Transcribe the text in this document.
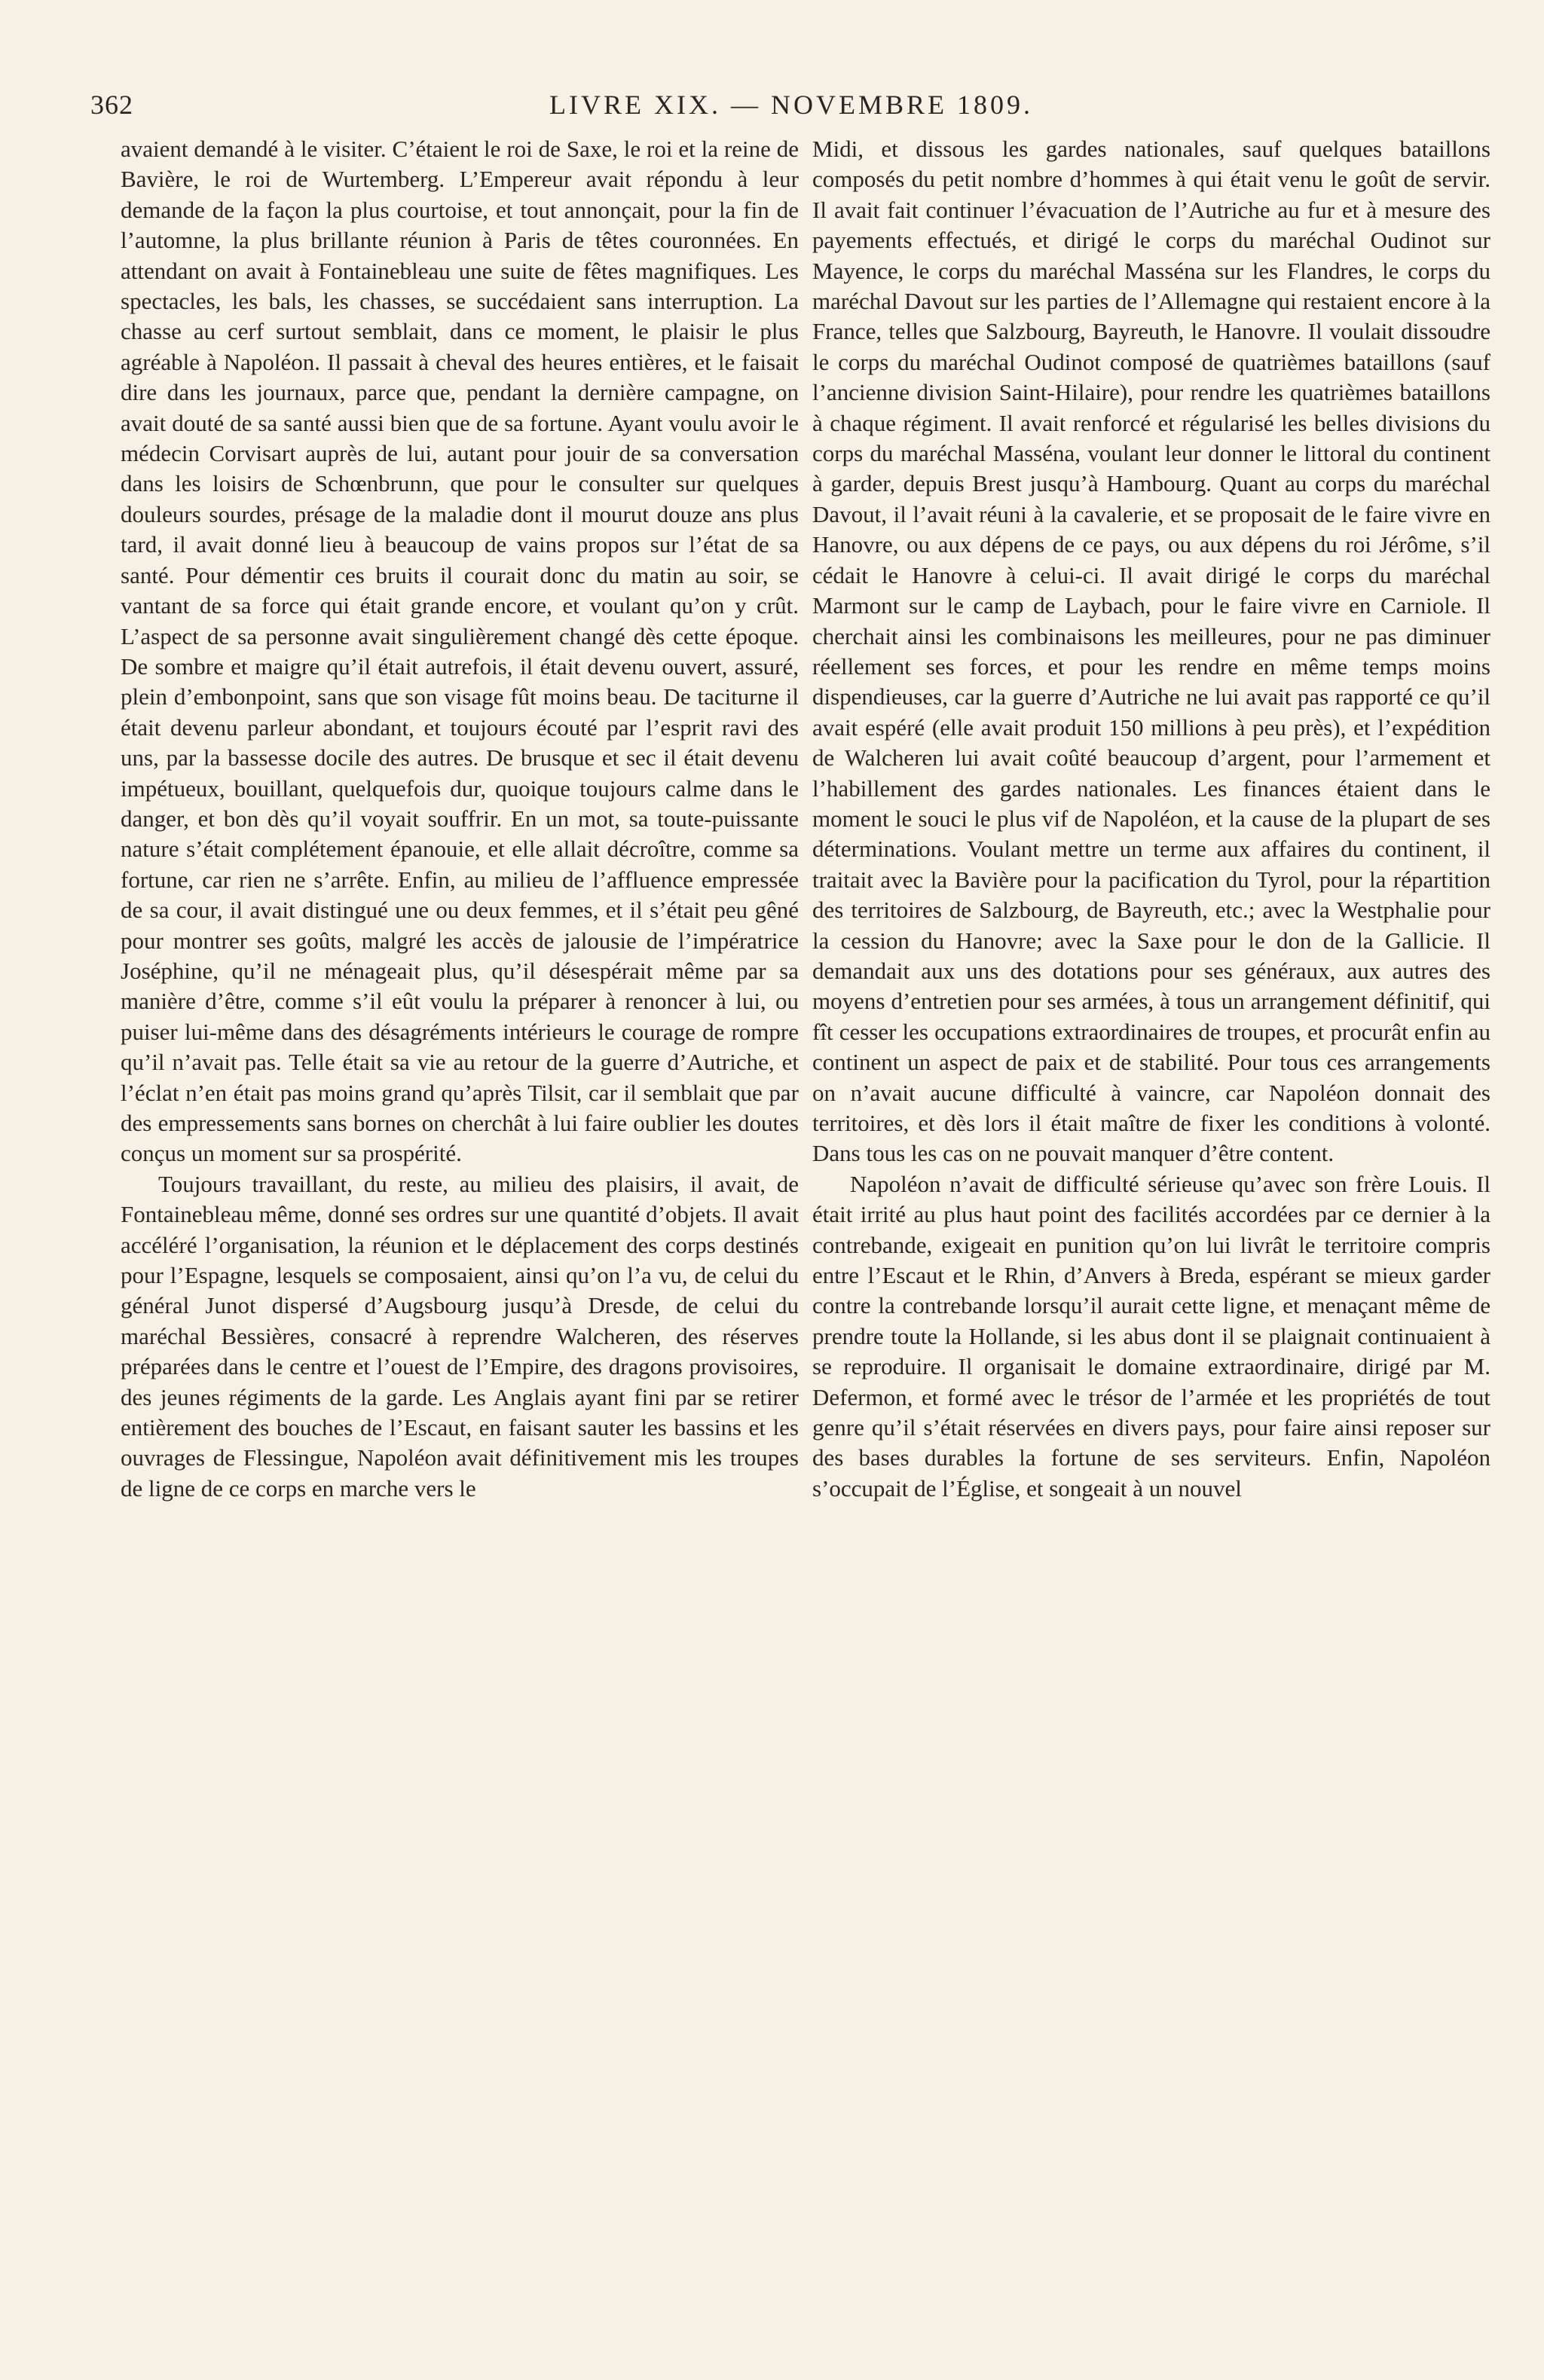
362	LIVRE XIX. — NOVEMBRE 1809.

avaient demandé à le visiter. C’étaient le roi de Saxe, le roi et la reine de Bavière, le roi de Wurtemberg. L’Empereur avait répondu à leur demande de la façon la plus courtoise, et tout annonçait, pour la fin de l’automne, la plus brillante réunion à Paris de têtes couronnées. En attendant on avait à Fontainebleau une suite de fêtes magnifiques. Les spectacles, les bals, les chasses, se succédaient sans interruption. La chasse au cerf surtout semblait, dans ce moment, le plaisir le plus agréable à Napoléon. Il passait à cheval des heures entières, et le faisait dire dans les journaux, parce que, pendant la dernière campagne, on avait douté de sa santé aussi bien que de sa fortune. Ayant voulu avoir le médecin Corvisart auprès de lui, autant pour jouir de sa conversation dans les loisirs de Schœnbrunn, que pour le consulter sur quelques douleurs sourdes, présage de la maladie dont il mourut douze ans plus tard, il avait donné lieu à beaucoup de vains propos sur l’état de sa santé. Pour démentir ces bruits il courait donc du matin au soir, se vantant de sa force qui était grande encore, et voulant qu’on y crût. L’aspect de sa personne avait singulièrement changé dès cette époque. De sombre et maigre qu’il était autrefois, il était devenu ouvert, assuré, plein d’embonpoint, sans que son visage fût moins beau. De taciturne il était devenu parleur abondant, et toujours écouté par l’esprit ravi des uns, par la bassesse docile des autres. De brusque et sec il était devenu impétueux, bouillant, quelquefois dur, quoique toujours calme dans le danger, et bon dès qu’il voyait souffrir. En un mot, sa toute-puissante nature s’était complétement épanouie, et elle allait décroître, comme sa fortune, car rien ne s’arrête. Enfin, au milieu de l’affluence empressée de sa cour, il avait distingué une ou deux femmes, et il s’était peu gêné pour montrer ses goûts, malgré les accès de jalousie de l’impératrice Joséphine, qu’il ne ménageait plus, qu’il désespérait même par sa manière d’être, comme s’il eût voulu la préparer à renoncer à lui, ou puiser lui-même dans des désagréments intérieurs le courage de rompre qu’il n’avait pas. Telle était sa vie au retour de la guerre d’Autriche, et l’éclat n’en était pas moins grand qu’après Tilsit, car il semblait que par des empressements sans bornes on cherchât à lui faire oublier les doutes conçus un moment sur sa prospérité.

Toujours travaillant, du reste, au milieu des plaisirs, il avait, de Fontainebleau même, donné ses ordres sur une quantité d’objets. Il avait accéléré l’organisation, la réunion et le déplacement des corps destinés pour l’Espagne, lesquels se composaient, ainsi qu’on l’a vu, de celui du général Junot dispersé d’Augsbourg jusqu’à Dresde, de celui du maréchal Bessières, consacré à reprendre Walcheren, des réserves préparées dans le centre et l’ouest de l’Empire, des dragons provisoires, des jeunes régiments de la garde. Les Anglais ayant fini par se retirer entièrement des bouches de l’Escaut, en faisant sauter les bassins et les ouvrages de Flessingue, Napoléon avait définitivement mis les troupes de ligne de ce corps en marche vers le

Midi, et dissous les gardes nationales, sauf quelques bataillons composés du petit nombre d’hommes à qui était venu le goût de servir. Il avait fait continuer l’évacuation de l’Autriche au fur et à mesure des payements effectués, et dirigé le corps du maréchal Oudinot sur Mayence, le corps du maréchal Masséna sur les Flandres, le corps du maréchal Davout sur les parties de l’Allemagne qui restaient encore à la France, telles que Salzbourg, Bayreuth, le Hanovre. Il voulait dissoudre le corps du maréchal Oudinot composé de quatrièmes bataillons (sauf l’ancienne division Saint-Hilaire), pour rendre les quatrièmes bataillons à chaque régiment. Il avait renforcé et régularisé les belles divisions du corps du maréchal Masséna, voulant leur donner le littoral du continent à garder, depuis Brest jusqu’à Hambourg. Quant au corps du maréchal Davout, il l’avait réuni à la cavalerie, et se proposait de le faire vivre en Hanovre, ou aux dépens de ce pays, ou aux dépens du roi Jérôme, s’il cédait le Hanovre à celui-ci. Il avait dirigé le corps du maréchal Marmont sur le camp de Laybach, pour le faire vivre en Carniole. Il cherchait ainsi les combinaisons les meilleures, pour ne pas diminuer réellement ses forces, et pour les rendre en même temps moins dispendieuses, car la guerre d’Autriche ne lui avait pas rapporté ce qu’il avait espéré (elle avait produit 150 millions à peu près), et l’expédition de Walcheren lui avait coûté beaucoup d’argent, pour l’armement et l’habillement des gardes nationales. Les finances étaient dans le moment le souci le plus vif de Napoléon, et la cause de la plupart de ses déterminations. Voulant mettre un terme aux affaires du continent, il traitait avec la Bavière pour la pacification du Tyrol, pour la répartition des territoires de Salzbourg, de Bayreuth, etc.; avec la Westphalie pour la cession du Hanovre; avec la Saxe pour le don de la Gallicie. Il demandait aux uns des dotations pour ses généraux, aux autres des moyens d’entretien pour ses armées, à tous un arrangement définitif, qui fît cesser les occupations extraordinaires de troupes, et procurât enfin au continent un aspect de paix et de stabilité. Pour tous ces arrangements on n’avait aucune difficulté à vaincre, car Napoléon donnait des territoires, et dès lors il était maître de fixer les conditions à volonté. Dans tous les cas on ne pouvait manquer d’être content.

Napoléon n’avait de difficulté sérieuse qu’avec son frère Louis. Il était irrité au plus haut point des facilités accordées par ce dernier à la contrebande, exigeait en punition qu’on lui livrât le territoire compris entre l’Escaut et le Rhin, d’Anvers à Breda, espérant se mieux garder contre la contrebande lorsqu’il aurait cette ligne, et menaçant même de prendre toute la Hollande, si les abus dont il se plaignait continuaient à se reproduire. Il organisait le domaine extraordinaire, dirigé par M. Defermon, et formé avec le trésor de l’armée et les propriétés de tout genre qu’il s’était réservées en divers pays, pour faire ainsi reposer sur des bases durables la fortune de ses serviteurs. Enfin, Napoléon s’occupait de l’Église, et songeait à un nouvel
